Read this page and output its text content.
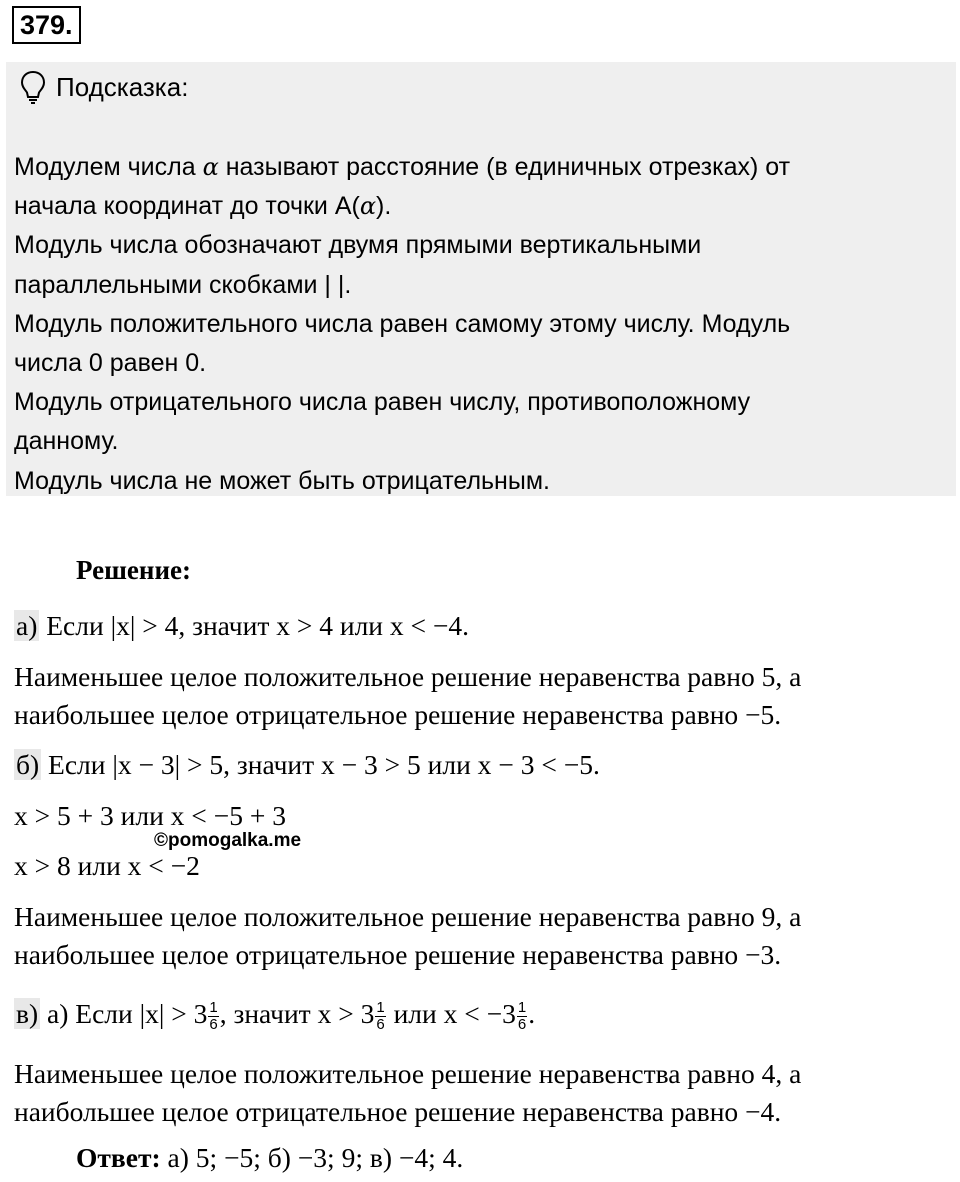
379.
Подсказка:

Модулем числа α называют расстояние (в единичных отрезках) от

начала координат до точки A(α).

Модуль числа обозначают двумя прямыми вертикальными

параллельными скобками | |.

Модуль положительного числа равен самому этому числу. Модуль

числа 0 равен 0.

Модуль отрицательного числа равен числу, противоположному

данному.

Модуль числа не может быть отрицательным.

Решение:
а) Если |x| > 4, значит x > 4 или x < −4.
Наименьшее целое положительное решение неравенства равно 5, а
наибольшее целое отрицательное решение неравенства равно −5.
б) Если |x − 3| > 5, значит x − 3 > 5 или x − 3 < −5.
x > 5 + 3 или x < −5 + 3
x > 8 или x < −2
Наименьшее целое положительное решение неравенства равно 9, а
наибольшее целое отрицательное решение неравенства равно −3.
в) а) Если $|x| > 3 \frac{1}{6}$ , значит $x > 3 \frac{1}{6}$ или $x < -3 \frac{1}{6}$ .
Наименьшее целое положительное решение неравенства равно 4, а
наибольшее целое отрицательное решение неравенства равно −4.
©pomogalka.me
Ответ: а) 5; −5; б) −3; 9; в) −4; 4.
